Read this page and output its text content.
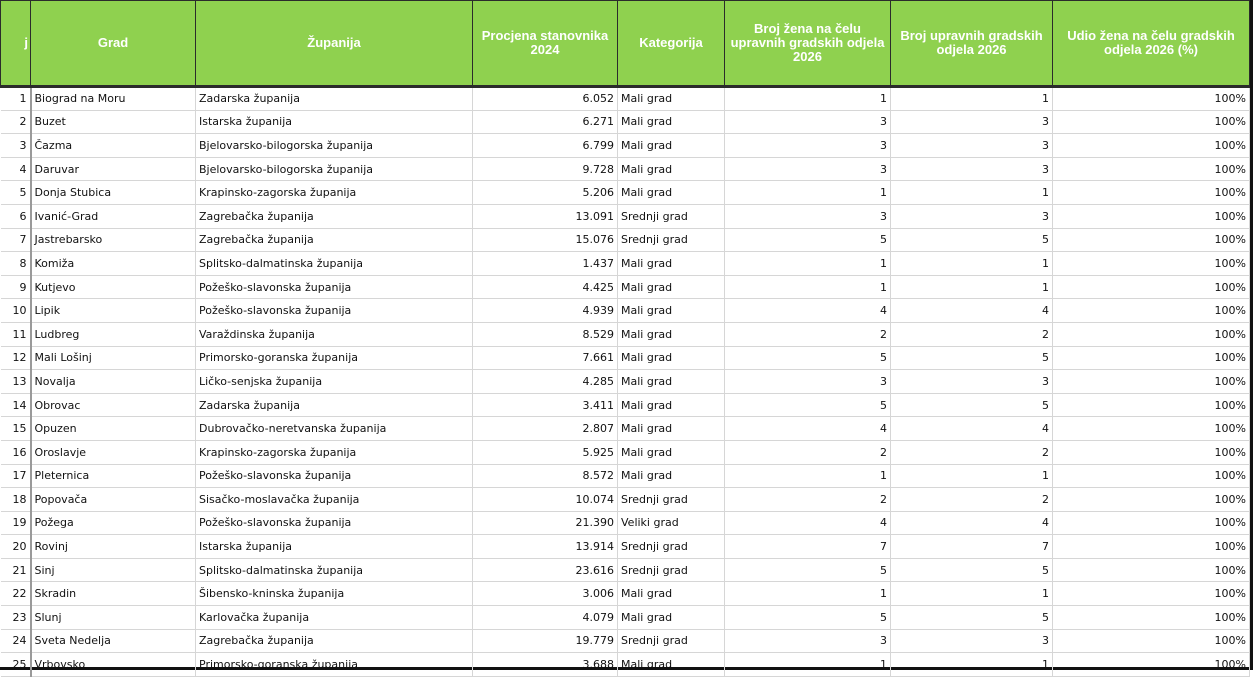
j	Grad	Županija	Procjena stanovnika 2024	Kategorija	Broj žena na čelu upravnih gradskih odjela 2026	Broj upravnih gradskih odjela 2026	Udio žena na čelu gradskih odjela 2026 (%)
1	Biograd na Moru	Zadarska županija	6.052	Mali grad	1	1	100%
2	Buzet	Istarska županija	6.271	Mali grad	3	3	100%
3	Čazma	Bjelovarsko-bilogorska županija	6.799	Mali grad	3	3	100%
4	Daruvar	Bjelovarsko-bilogorska županija	9.728	Mali grad	3	3	100%
5	Donja Stubica	Krapinsko-zagorska županija	5.206	Mali grad	1	1	100%
6	Ivanić-Grad	Zagrebačka županija	13.091	Srednji grad	3	3	100%
7	Jastrebarsko	Zagrebačka županija	15.076	Srednji grad	5	5	100%
8	Komiža	Splitsko-dalmatinska županija	1.437	Mali grad	1	1	100%
9	Kutjevo	Požeško-slavonska županija	4.425	Mali grad	1	1	100%
10	Lipik	Požeško-slavonska županija	4.939	Mali grad	4	4	100%
11	Ludbreg	Varaždinska županija	8.529	Mali grad	2	2	100%
12	Mali Lošinj	Primorsko-goranska županija	7.661	Mali grad	5	5	100%
13	Novalja	Ličko-senjska županija	4.285	Mali grad	3	3	100%
14	Obrovac	Zadarska županija	3.411	Mali grad	5	5	100%
15	Opuzen	Dubrovačko-neretvanska županija	2.807	Mali grad	4	4	100%
16	Oroslavje	Krapinsko-zagorska županija	5.925	Mali grad	2	2	100%
17	Pleternica	Požeško-slavonska županija	8.572	Mali grad	1	1	100%
18	Popovača	Sisačko-moslavačka županija	10.074	Srednji grad	2	2	100%
19	Požega	Požeško-slavonska županija	21.390	Veliki grad	4	4	100%
20	Rovinj	Istarska županija	13.914	Srednji grad	7	7	100%
21	Sinj	Splitsko-dalmatinska županija	23.616	Srednji grad	5	5	100%
22	Skradin	Šibensko-kninska županija	3.006	Mali grad	1	1	100%
23	Slunj	Karlovačka županija	4.079	Mali grad	5	5	100%
24	Sveta Nedelja	Zagrebačka županija	19.779	Srednji grad	3	3	100%
25	Vrbovsko	Primorsko-goranska županija	3.688	Mali grad	1	1	100%
